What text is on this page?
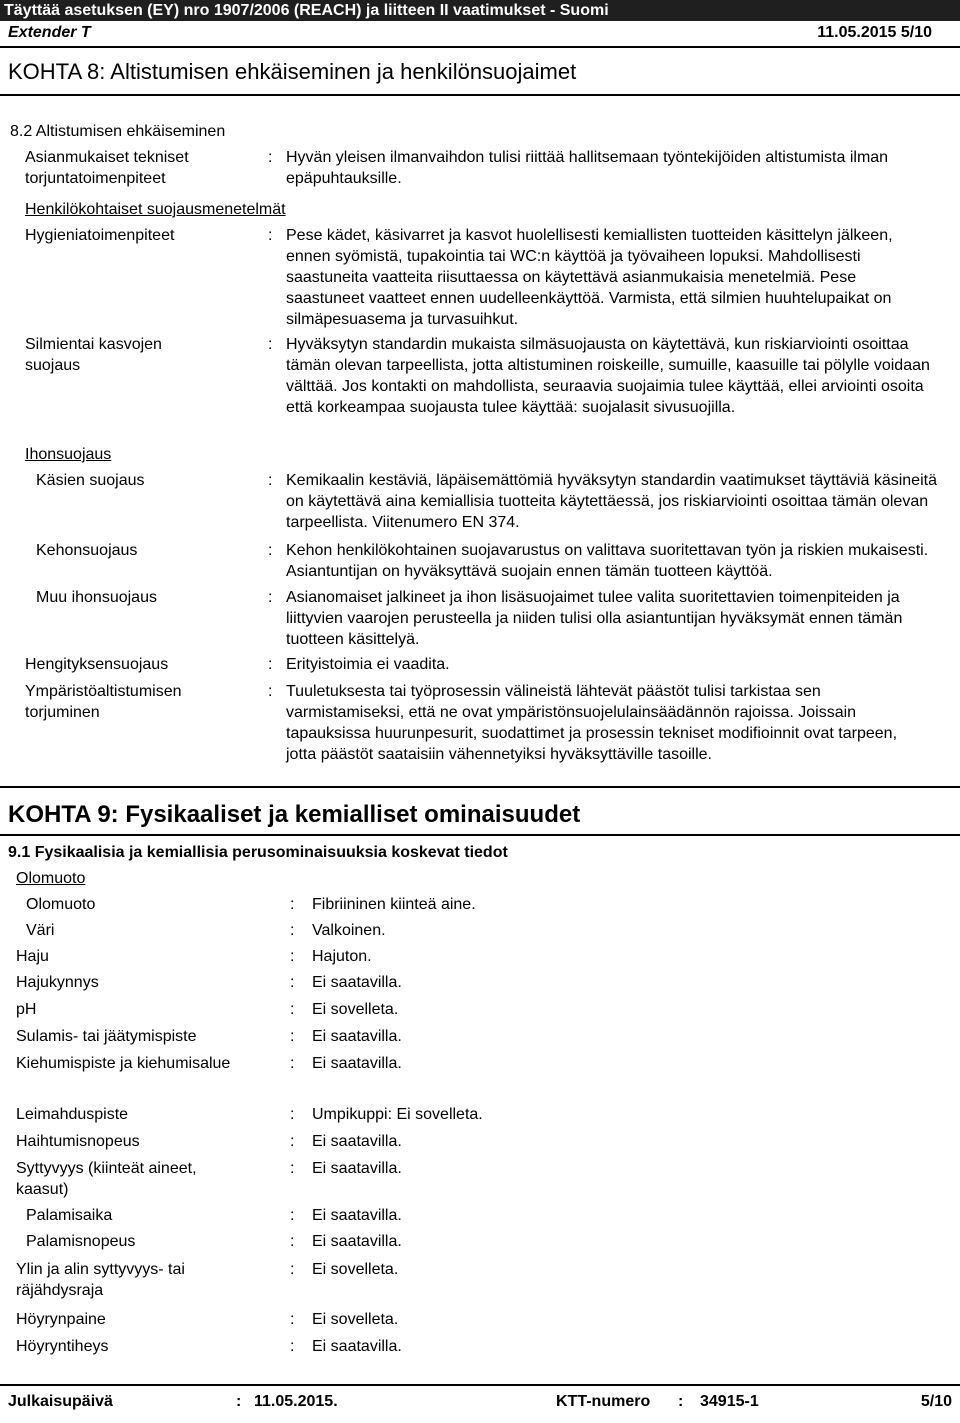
Täyttää asetuksen (EY) nro 1907/2006 (REACH) ja liitteen II vaatimukset - Suomi
Extender T	11.05.2015 5/10
KOHTA 8: Altistumisen ehkäiseminen ja henkilönsuojaimet
8.2 Altistumisen ehkäiseminen
Asianmukaiset tekniset torjuntatoimenpiteet
: Hyvän yleisen ilmanvaihdon tulisi riittää hallitsemaan työntekijöiden altistumista ilman epäpuhtauksille.
Henkilökohtaiset suojausmenetelmät
Hygieniatoimenpiteet	: Pese kädet, käsivarret ja kasvot huolellisesti kemiallisten tuotteiden käsittelyn jälkeen, ennen syömistä, tupakointia tai WC:n käyttöä ja työvaiheen lopuksi. Mahdollisesti saastuneita vaatteita riisuttaessa on käytettävä asianmukaisia menetelmiä. Pese saastuneet vaatteet ennen uudelleenkäyttöä. Varmista, että silmien huuhtelupaikat on silmäpesuasema ja turvasuihkut.
Silmientai kasvojen suojaus
: Hyväksytyn standardin mukaista silmäsuojausta on käytettävä, kun riskiarviointi osoittaa tämän olevan tarpeellista, jotta altistuminen roiskeille, sumuille, kaasuille tai pölylle voidaan välttää. Jos kontakti on mahdollista, seuraavia suojaimia tulee käyttää, ellei arviointi osoita että korkeampaa suojausta tulee käyttää: suojalasit sivusuojilla.
Ihonsuojaus
Käsien suojaus	: Kemikaalin kestäviä, läpäisemättömiä hyväksytyn standardin vaatimukset täyttäviä käsineitä on käytettävä aina kemiallisia tuotteita käytettäessä, jos riskiarviointi osoittaa tämän olevan tarpeellista. Viitenumero EN 374.
Kehonsuojaus	: Kehon henkilökohtainen suojavarustus on valittava suoritettavan työn ja riskien mukaisesti. Asiantuntijan on hyväksyttävä suojain ennen tämän tuotteen käyttöä.
Muu ihonsuojaus	: Asianomaiset jalkineet ja ihon lisäsuojaimet tulee valita suoritettavien toimenpiteiden ja liittyvien vaarojen perusteella ja niiden tulisi olla asiantuntijan hyväksymät ennen tämän tuotteen käsittelyä.
Hengityksensuojaus	: Erityistoimia ei vaadita.
Ympäristöaltistumisen torjuminen
: Tuuletuksesta tai työprosessin välineistä lähtevät päästöt tulisi tarkistaa sen varmistamiseksi, että ne ovat ympäristönsuojelulainsäädännön rajoissa. Joissain tapauksissa huurunpesurit, suodattimet ja prosessin tekniset modifioinnit ovat tarpeen, jotta päästöt saataisiin vähennetyiksi hyväksyttäville tasoille.
KOHTA 9: Fysikaaliset ja kemialliset ominaisuudet
9.1 Fysikaalisia ja kemiallisia perusominaisuuksia koskevat tiedot
Olomuoto
Olomuoto	: Fibriininen kiinteä aine.
Väri	: Valkoinen.
Haju	: Hajuton.
Hajukynnys	: Ei saatavilla.
pH	: Ei sovelleta.
Sulamis- tai jäätymispiste	: Ei saatavilla.
Kiehumispiste ja kiehumisalue	: Ei saatavilla.
Leimahduspiste	: Umpikuppi: Ei sovelleta.
Haihtumisnopeus	: Ei saatavilla.
Syttyvyys (kiinteät aineet, kaasut)
: Ei saatavilla.
Palamisaika	: Ei saatavilla.
Palamisnopeus	: Ei saatavilla.
Ylin ja alin syttyvyys- tai räjähdysraja
: Ei sovelleta.
Höyrynpaine	: Ei sovelleta.
Höyryntiheys	: Ei saatavilla.
Julkaisupäivä	: 11.05.2015.	KTT-numero : 34915-1	5/10
